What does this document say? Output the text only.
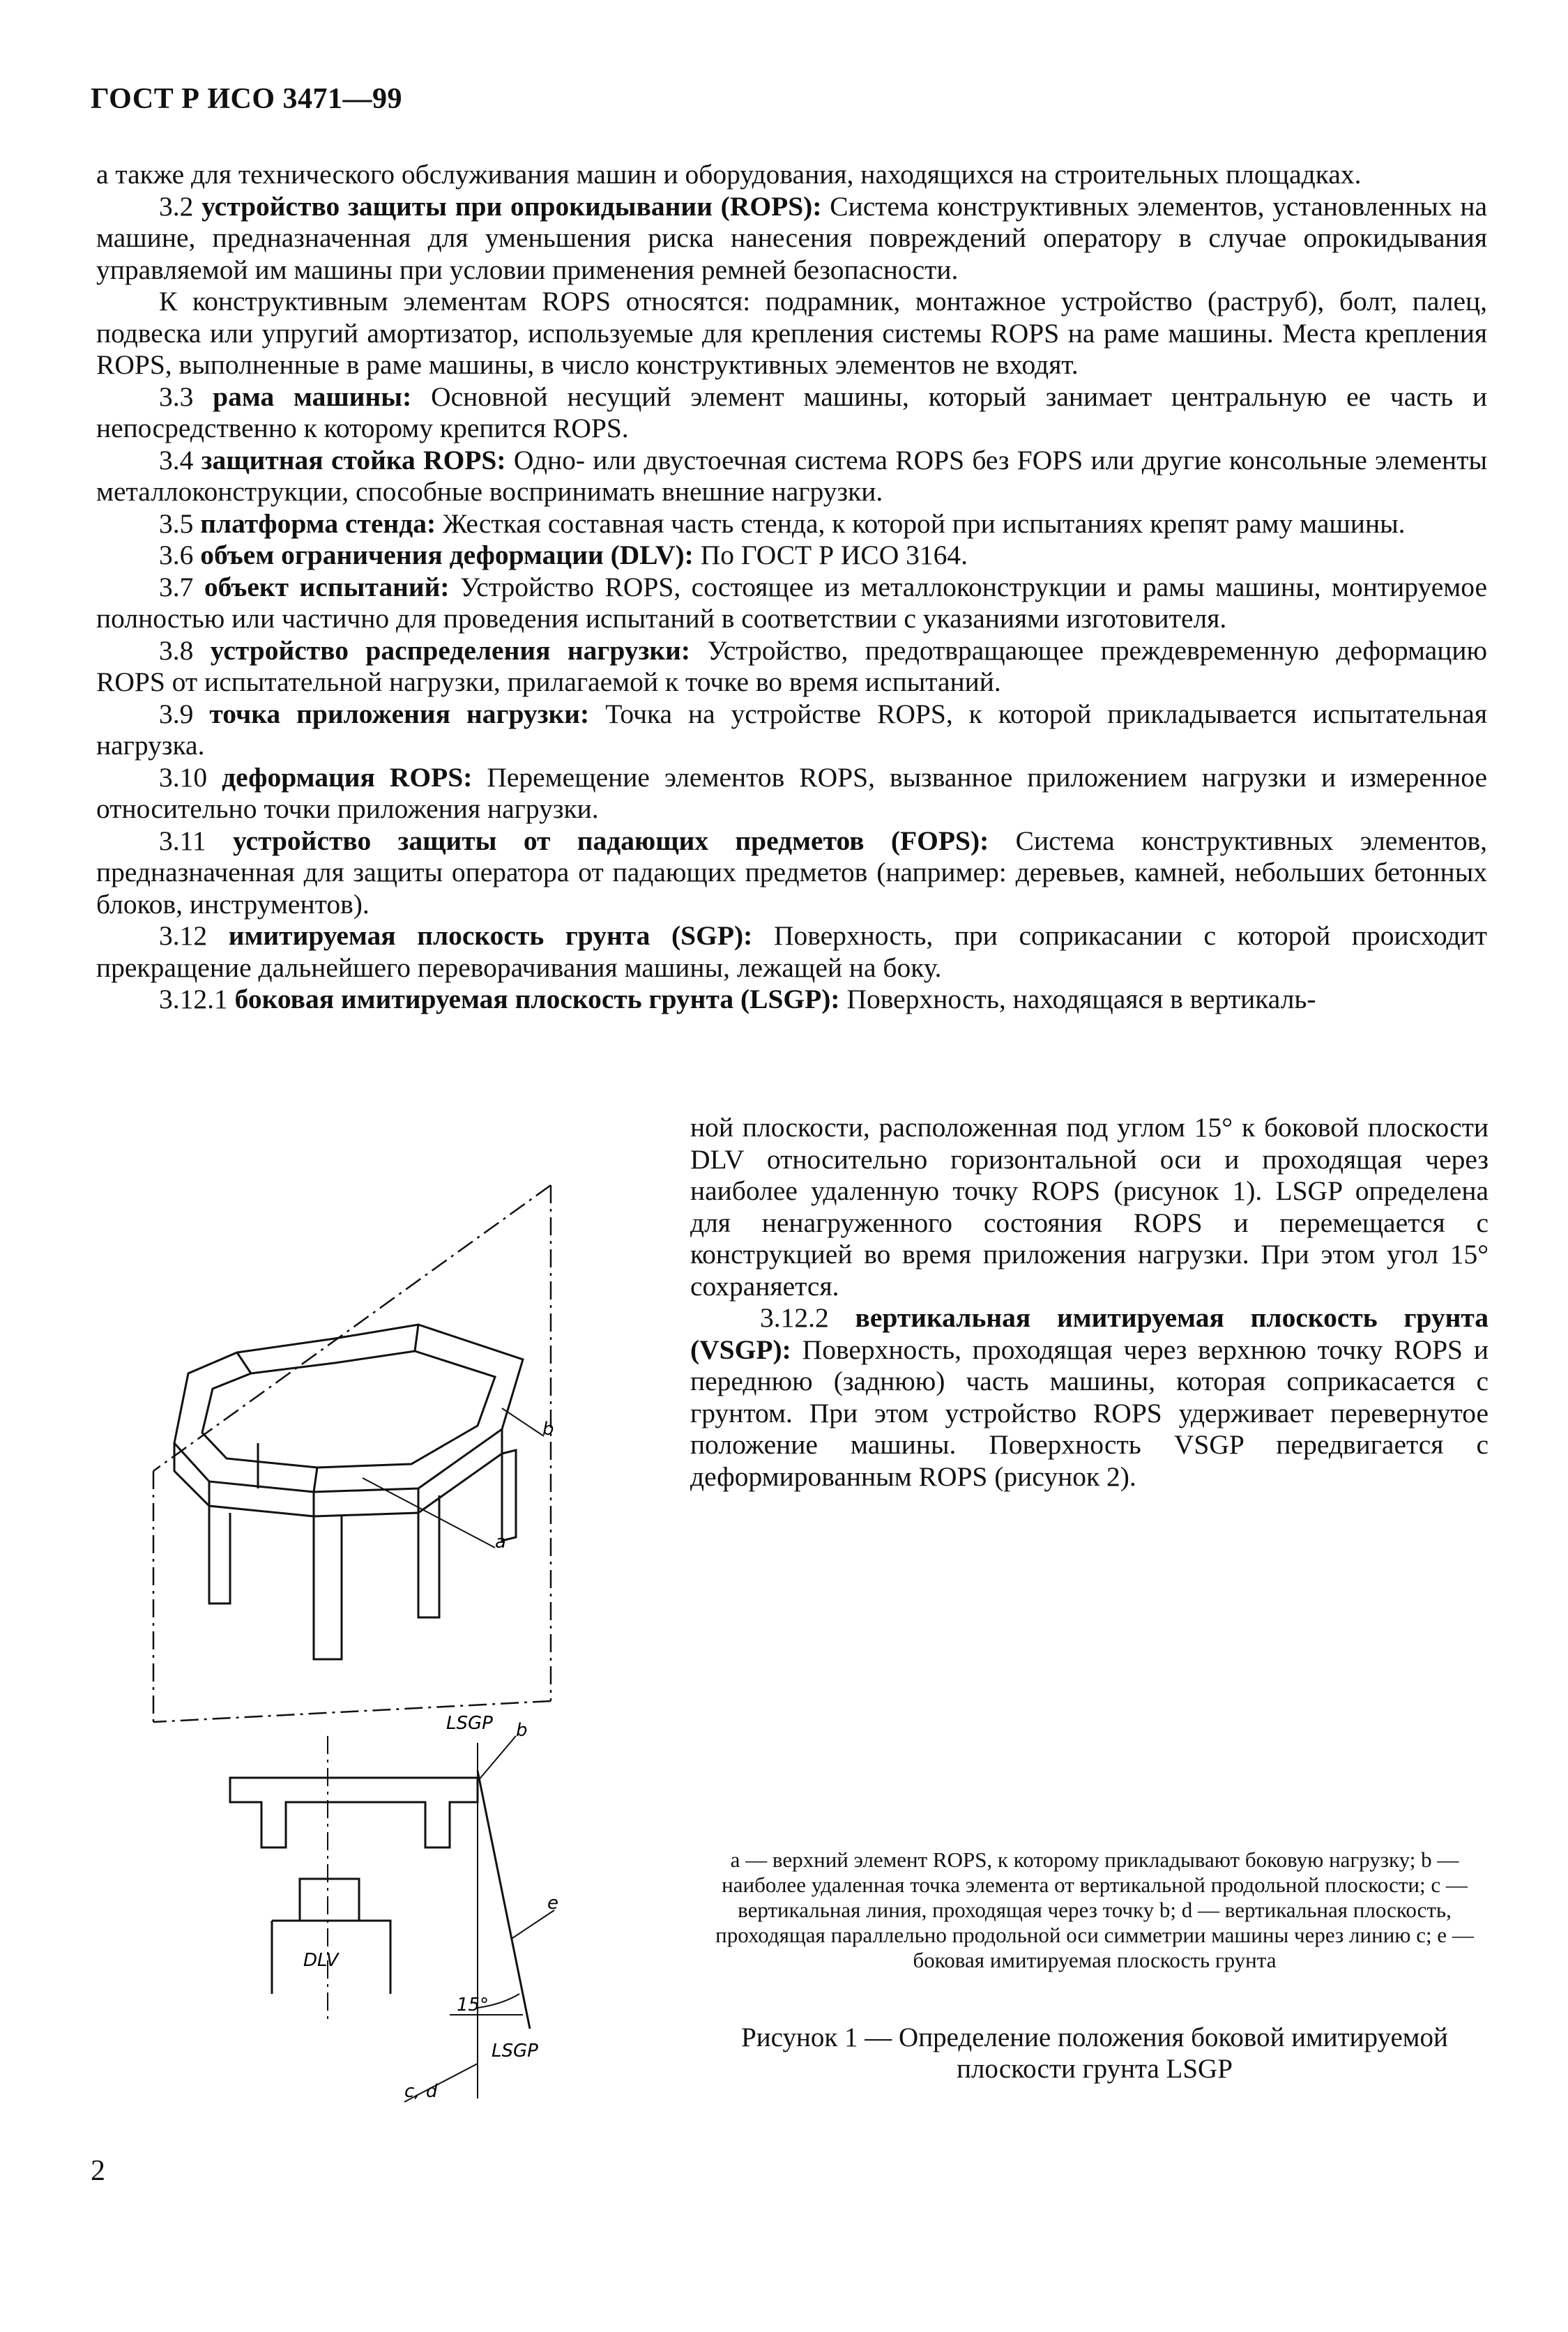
ГОСТ Р ИСО 3471—99

а также для технического обслуживания машин и оборудования, находящихся на строительных площадках.

3.2 устройство защиты при опрокидывании (ROPS): Система конструктивных элементов, установленных на машине, предназначенная для уменьшения риска нанесения повреждений оператору в случае опрокидывания управляемой им машины при условии применения ремней безопасности.

К конструктивным элементам ROPS относятся: подрамник, монтажное устройство (раструб), болт, палец, подвеска или упругий амортизатор, используемые для крепления системы ROPS на раме машины. Места крепления ROPS, выполненные в раме машины, в число конструктивных элементов не входят.

3.3 рама машины: Основной несущий элемент машины, который занимает центральную ее часть и непосредственно к которому крепится ROPS.

3.4 защитная стойка ROPS: Одно- или двустоечная система ROPS без FOPS или другие консольные элементы металлоконструкции, способные воспринимать внешние нагрузки.

3.5 платформа стенда: Жесткая составная часть стенда, к которой при испытаниях крепят раму машины.

3.6 объем ограничения деформации (DLV): По ГОСТ Р ИСО 3164.

3.7 объект испытаний: Устройство ROPS, состоящее из металлоконструкции и рамы машины, монтируемое полностью или частично для проведения испытаний в соответствии с указаниями изготовителя.

3.8 устройство распределения нагрузки: Устройство, предотвращающее преждевременную деформацию ROPS от испытательной нагрузки, прилагаемой к точке во время испытаний.

3.9 точка приложения нагрузки: Точка на устройстве ROPS, к которой прикладывается испытательная нагрузка.

3.10 деформация ROPS: Перемещение элементов ROPS, вызванное приложением нагрузки и измеренное относительно точки приложения нагрузки.

3.11 устройство защиты от падающих предметов (FOPS): Система конструктивных элементов, предназначенная для защиты оператора от падающих предметов (например: деревьев, камней, небольших бетонных блоков, инструментов).

3.12 имитируемая плоскость грунта (SGP): Поверхность, при соприкасании с которой происходит прекращение дальнейшего переворачивания машины, лежащей на боку.

3.12.1 боковая имитируемая плоскость грунта (LSGP): Поверхность, находящаяся в вертикаль-

ной плоскости, расположенная под углом 15° к боковой плоскости DLV относительно горизонтальной оси и проходящая через наиболее удаленную точку ROPS (рисунок 1). LSGP определена для ненагруженного состояния ROPS и перемещается с конструкцией во время приложения нагрузки. При этом угол 15° сохраняется.

3.12.2 вертикальная имитируемая плоскость грунта (VSGP): Поверхность, проходящая через верхнюю точку ROPS и переднюю (заднюю) часть машины, которая соприкасается с грунтом. При этом устройство ROPS удерживает перевернутое положение машины. Поверхность VSGP передвигается с деформированным ROPS (рисунок 2).

b
a
LSGP b
e
DLV
15°
LSGP
c, d
a — верхний элемент ROPS, к которому прикладывают боковую нагрузку; b — наиболее удаленная точка элемента от вертикальной продольной плоскости; c — вертикальная линия, проходящая через точку b; d — вертикальная плоскость, проходящая параллельно продольной оси симметрии машины через линию c; e — боковая имитируемая плоскость грунта
Рисунок 1 — Определение положения боковой имитируемой плоскости грунта LSGP
2
